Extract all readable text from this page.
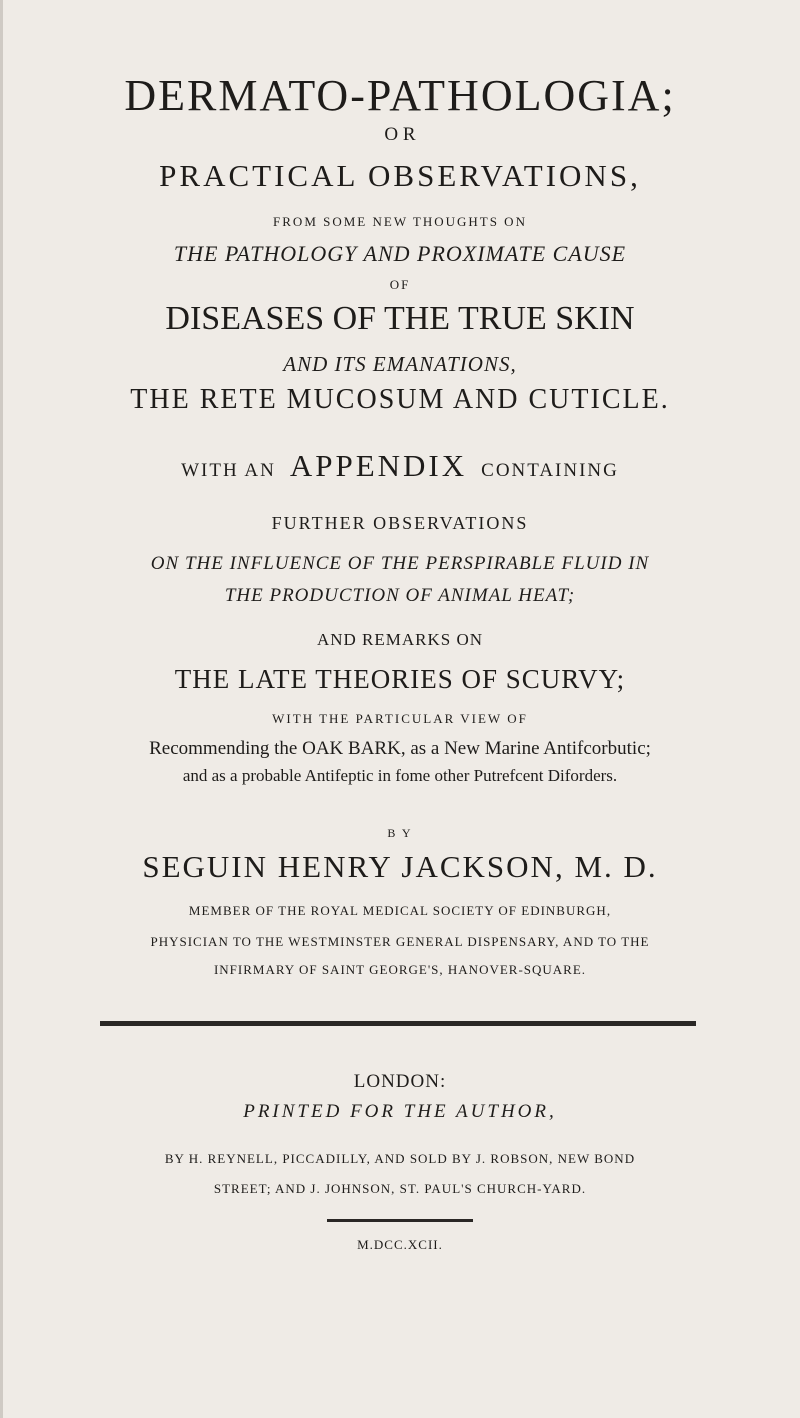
DERMATO-PATHOLOGIA;
O R
PRACTICAL OBSERVATIONS,
FROM SOME NEW THOUGHTS ON
THE PATHOLOGY AND PROXIMATE CAUSE
OF
DISEASES OF THE TRUE SKIN
AND ITS EMANATIONS,
THE RETE MUCOSUM AND CUTICLE.
WITH AN APPENDIX CONTAINING
FURTHER OBSERVATIONS
ON THE INFLUENCE OF THE PERSPIRABLE FLUID IN
THE PRODUCTION OF ANIMAL HEAT;
AND REMARKS ON
THE LATE THEORIES OF SCURVY;
WITH THE PARTICULAR VIEW OF
Recommending the OAK BARK, as a New Marine Antifcorbutic;
and as a probable Antifeptic in fome other Putrefcent Diforders.
B Y
SEGUIN HENRY JACKSON, M. D.
MEMBER OF THE ROYAL MEDICAL SOCIETY OF EDINBURGH,
PHYSICIAN TO THE WESTMINSTER GENERAL DISPENSARY, AND TO THE
INFIRMARY OF SAINT GEORGE'S, HANOVER-SQUARE.
LONDON:
PRINTED FOR THE AUTHOR,
BY H. REYNELL, PICCADILLY, AND SOLD BY J. ROBSON, NEW BOND
STREET; AND J. JOHNSON, ST. PAUL'S CHURCH-YARD.
M.DCC.XCII.
